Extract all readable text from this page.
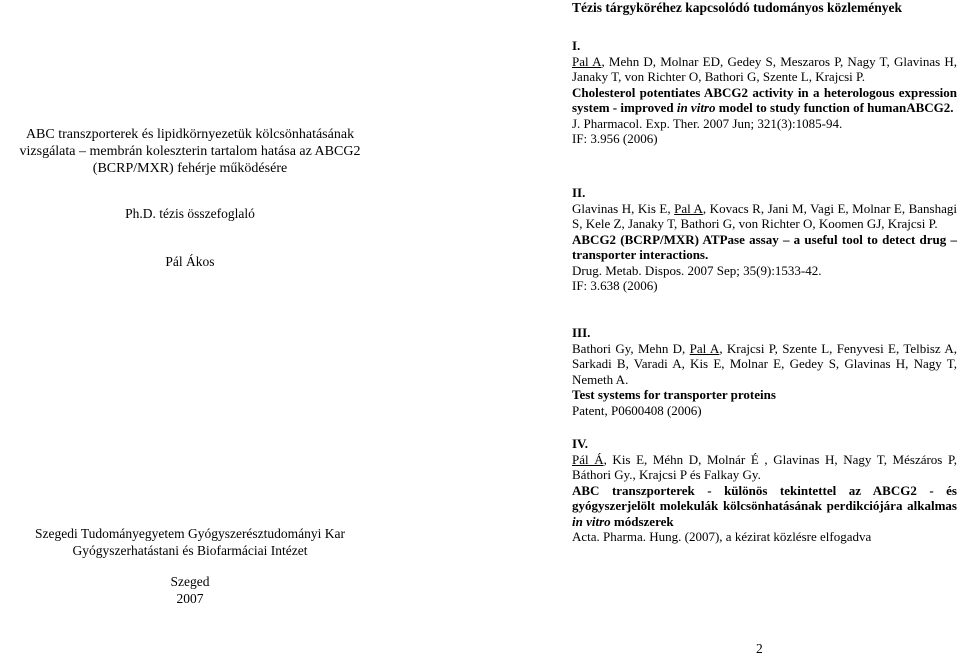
ABC transzporterek és lipidkörnyezetük kölcsönhatásának
vizsgálata – membrán koleszterin tartalom hatása az ABCG2
(BCRP/MXR) fehérje működésére
Ph.D. tézis összefoglaló
Pál Ákos
Szegedi Tudományegyetem Gyógyszerésztudományi Kar
Gyógyszerhatástani és Biofarmáciai Intézet
Szeged
2007
Tézis tárgyköréhez kapcsolódó tudományos közlemények
I.
Pal A, Mehn D, Molnar ED, Gedey S, Meszaros P, Nagy T, Glavinas H, Janaky T, von Richter O, Bathori G, Szente L, Krajcsi P.
Cholesterol potentiates ABCG2 activity in a heterologous expression system - improved in vitro model to study function of humanABCG2.
J. Pharmacol. Exp. Ther. 2007 Jun; 321(3):1085-94.
IF: 3.956 (2006)
II.
Glavinas H, Kis E, Pal A, Kovacs R, Jani M, Vagi E, Molnar E, Banshagi S, Kele Z, Janaky T, Bathori G, von Richter O, Koomen GJ, Krajcsi P.
ABCG2 (BCRP/MXR) ATPase assay – a useful tool to detect drug – transporter interactions.
Drug. Metab. Dispos. 2007 Sep; 35(9):1533-42.
IF: 3.638 (2006)
III.
Bathori Gy, Mehn D, Pal A, Krajcsi P, Szente L, Fenyvesi E, Telbisz A, Sarkadi B, Varadi A, Kis E, Molnar E, Gedey S, Glavinas H, Nagy T, Nemeth A.
Test systems for transporter proteins
Patent, P0600408 (2006)
IV.
Pál Á, Kis E, Méhn D, Molnár É , Glavinas H, Nagy T, Mészáros P, Báthori Gy., Krajcsi P és Falkay Gy.
ABC transzporterek - különös tekintettel az ABCG2 - és gyógyszerjelölt molekulák kölcsönhatásának perdikciójára alkalmas in vitro módszerek
Acta. Pharma. Hung. (2007), a kézirat közlésre elfogadva
2
